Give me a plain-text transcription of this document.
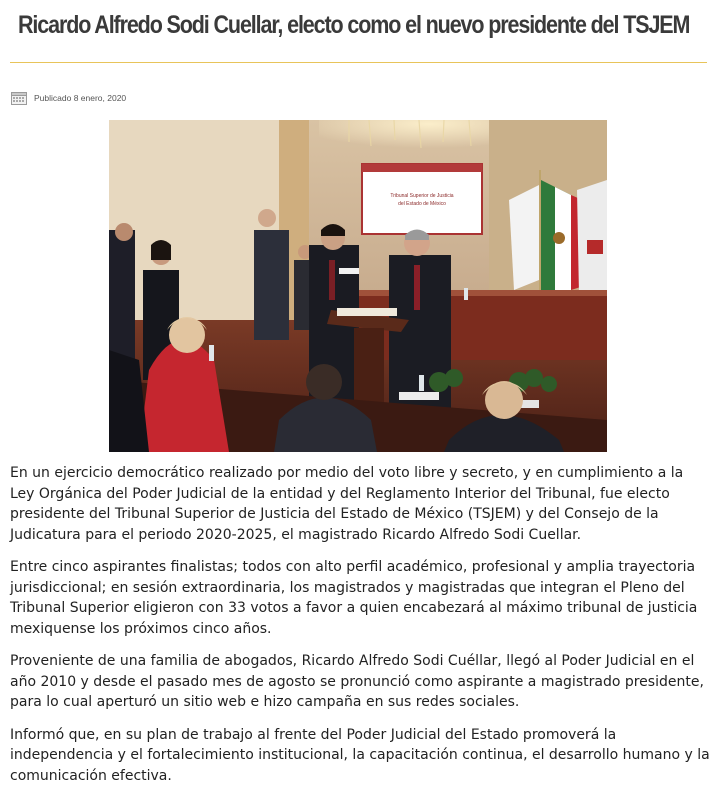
Ricardo Alfredo Sodi Cuellar, electo como el nuevo presidente del TSJEM
Publicado 8 enero, 2020
Tribunal Superior de Justicia
del Estado de México

En un ejercicio democrático realizado por medio del voto libre y secreto, y en cumplimiento a la Ley Orgánica del Poder Judicial de la entidad y del Reglamento Interior del Tribunal, fue electo presidente del Tribunal Superior de Justicia del Estado de México (TSJEM) y del Consejo de la Judicatura para el periodo 2020-2025, el magistrado Ricardo Alfredo Sodi Cuellar.

Entre cinco aspirantes finalistas; todos con alto perfil académico, profesional y amplia trayectoria jurisdiccional; en sesión extraordinaria, los magistrados y magistradas que integran el Pleno del Tribunal Superior eligieron con 33 votos a favor a quien encabezará al máximo tribunal de justicia mexiquense los próximos cinco años.

Proveniente de una familia de abogados, Ricardo Alfredo Sodi Cuéllar, llegó al Poder Judicial en el año 2010 y desde el pasado mes de agosto se pronunció como aspirante a magistrado presidente, para lo cual aperturó un sitio web e hizo campaña en sus redes sociales.

Informó que, en su plan de trabajo al frente del Poder Judicial del Estado promoverá la independencia y el fortalecimiento institucional, la capacitación continua, el desarrollo humano y la comunicación efectiva.
